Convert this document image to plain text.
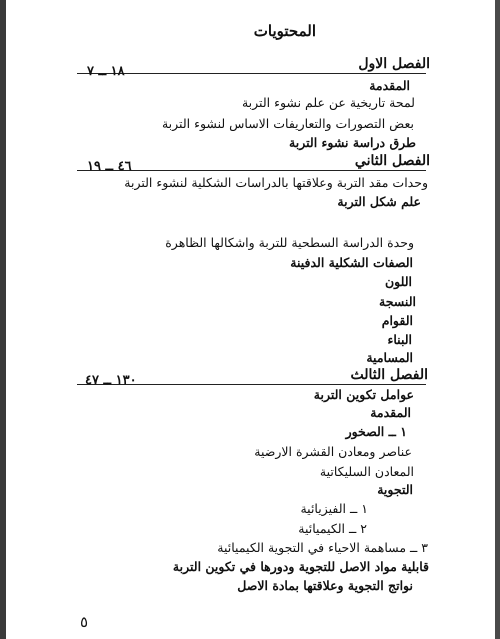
المحتويات
الفصل الاول
١٨ ــ ٧
المقدمة
لمحة تاريخية عن علم نشوء التربة
بعض التصورات والتعاريفات الاساس لنشوء التربة
طرق دراسة نشوء التربة
الفصل الثاني
٤٦ ــ ١٩
وحدات مقد التربة وعلاقتها بالدراسات الشكلية لنشوء التربة
علم شكل التربة
وحدة الدراسة السطحية للتربة واشكالها الظاهرة
الصفات الشكلية الدفينة
اللون
النسجة
القوام
البناء
المسامية
الفصل الثالث
١٣٠ ــ ٤٧
عوامل تكوين التربة
المقدمة
١ ــ الصخور
عناصر ومعادن القشرة الارضية
المعادن السليكاتية
التجوية
١ ــ الفيزيائية
٢ ــ الكيميائية
٣ ــ مساهمة الاحياء في التجوية الكيميائية
قابلية مواد الاصل للتجوية ودورها في تكوين التربة
نواتج التجوية وعلاقتها بمادة الاصل
٥
